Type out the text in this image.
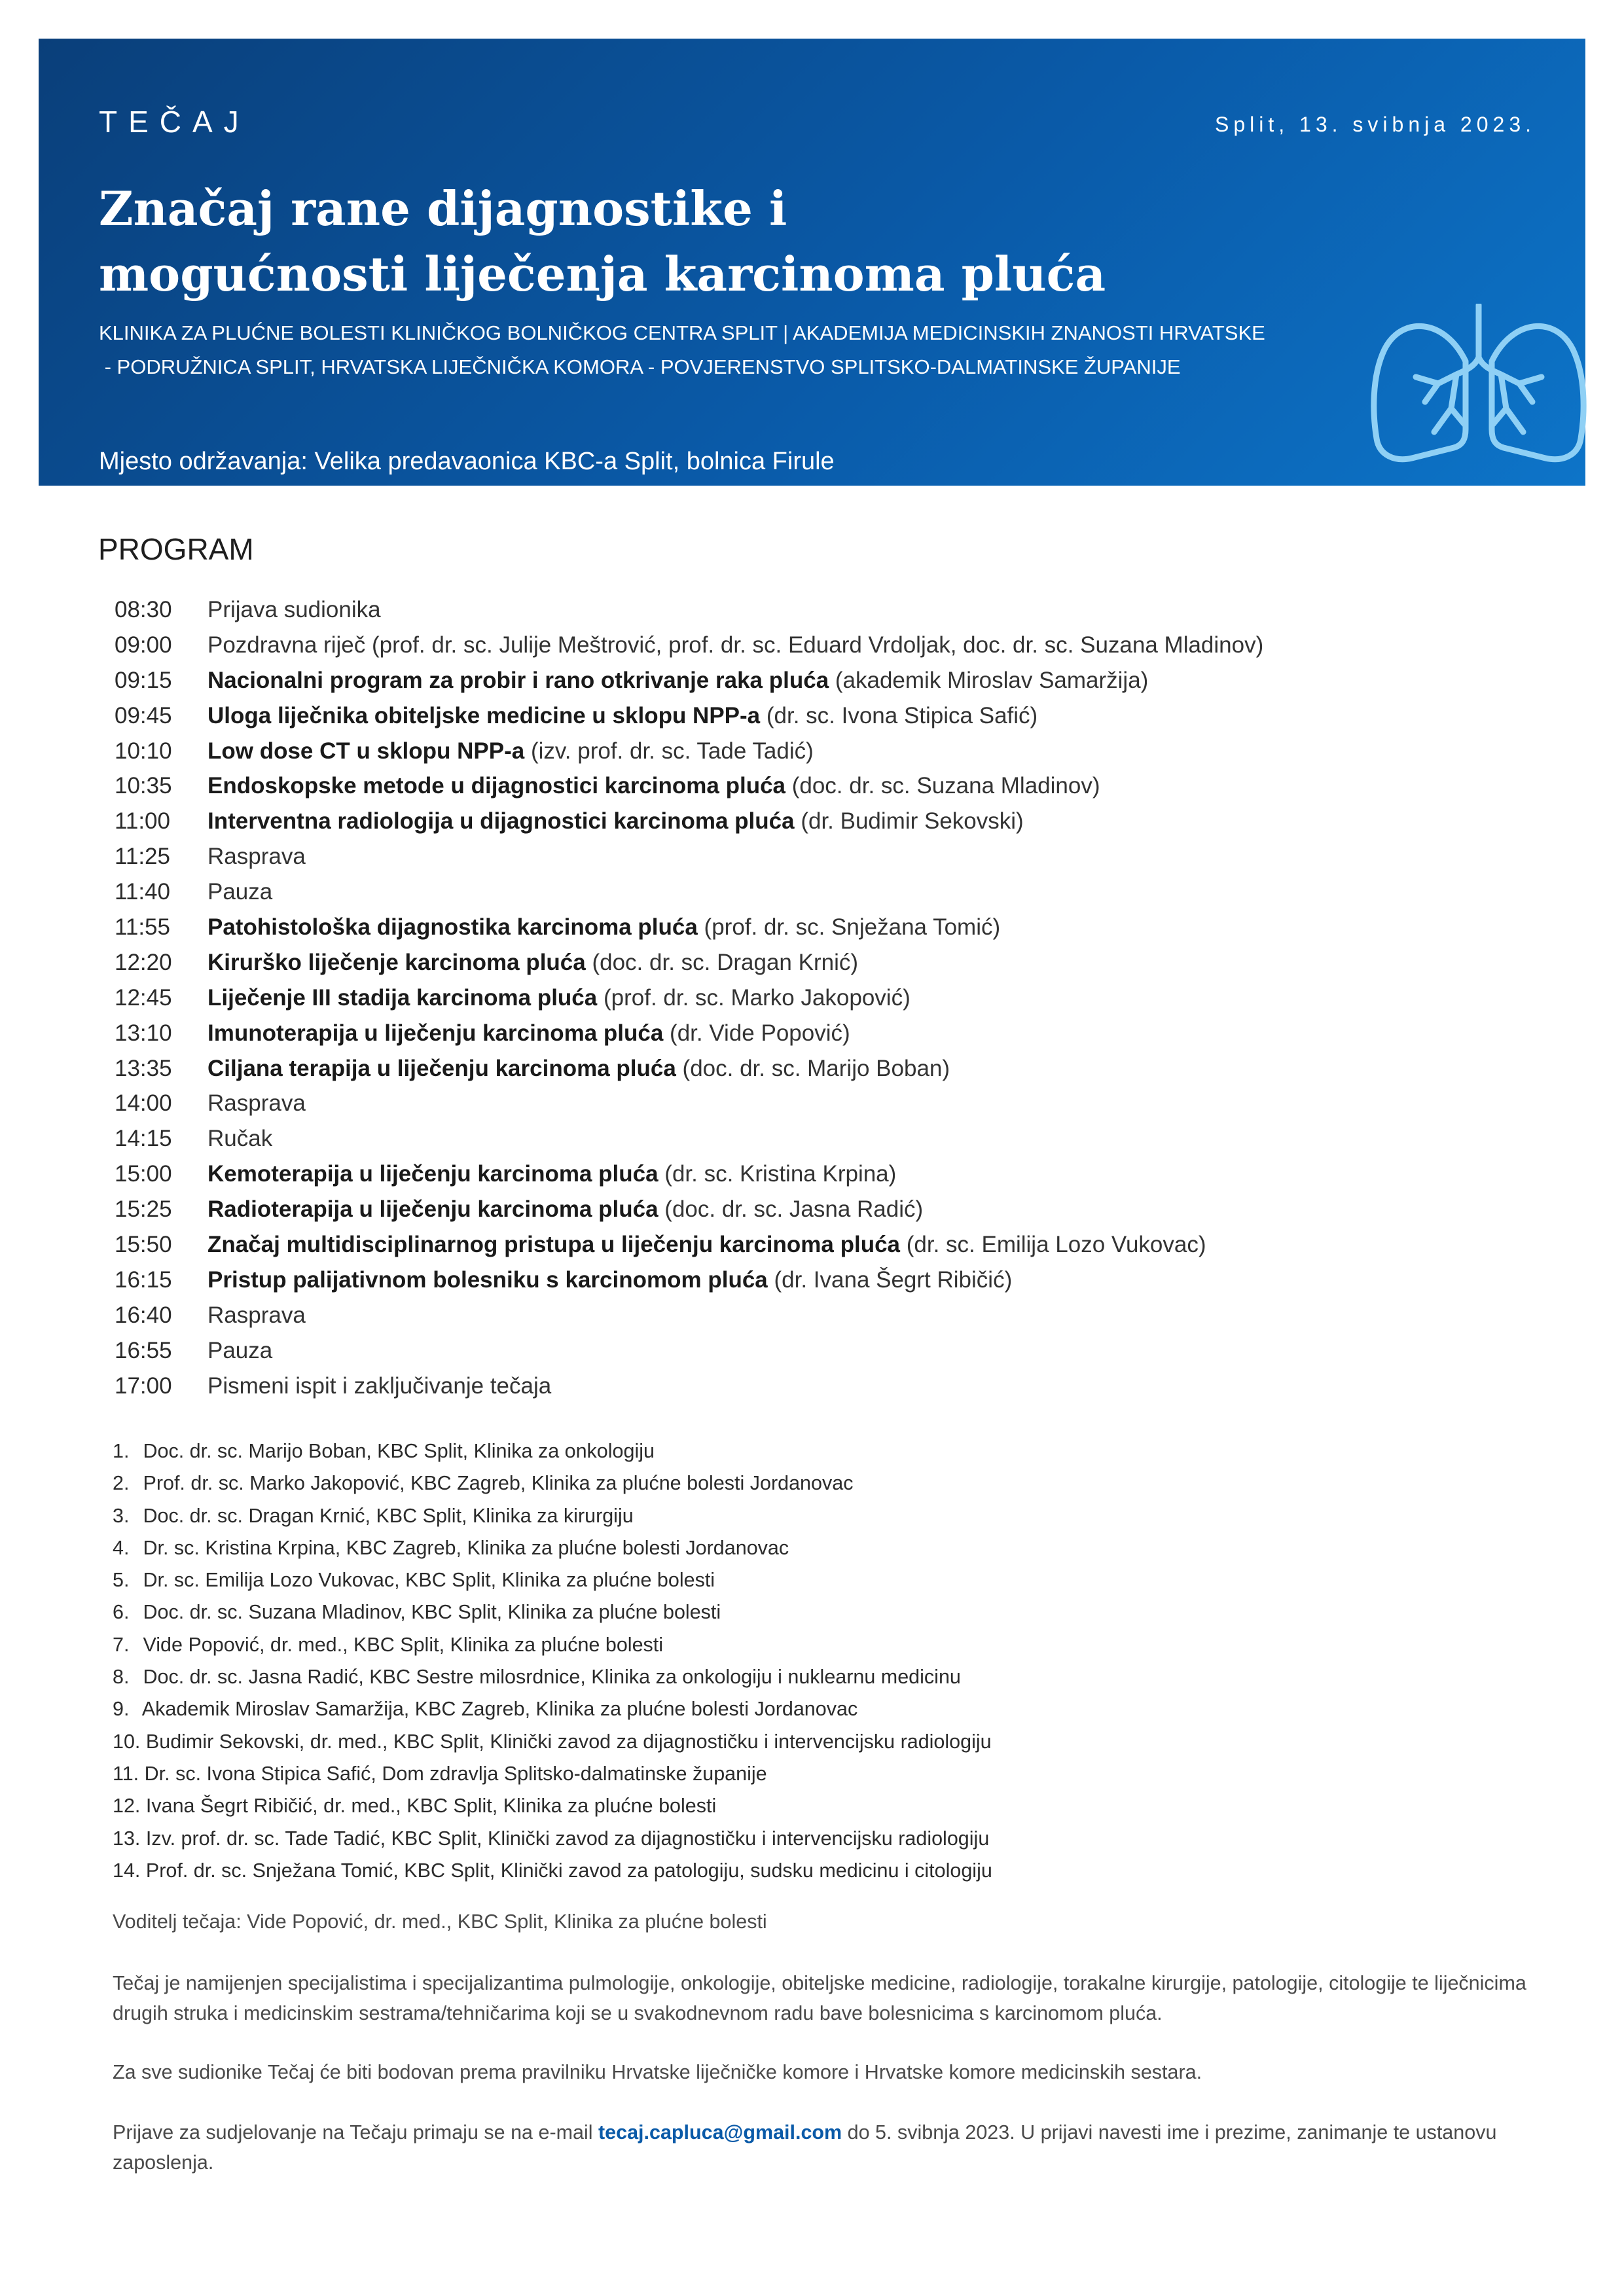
TEČAJ	Split, 13. svibnja 2023.
Značaj rane dijagnostike i
mogućnosti liječenja karcinoma pluća
KLINIKA ZA PLUĆNE BOLESTI KLINIČKOG BOLNIČKOG CENTRA SPLIT | AKADEMIJA MEDICINSKIH ZNANOSTI HRVATSKE
- PODRUŽNICA SPLIT, HRVATSKA LIJEČNIČKA KOMORA - POVJERENSTVO SPLITSKO-DALMATINSKE ŽUPANIJE
Mjesto održavanja: Velika predavaonica KBC-a Split, bolnica Firule
PROGRAM
08:30 Prijava sudionika
09:00 Pozdravna riječ (prof. dr. sc. Julije Meštrović, prof. dr. sc. Eduard Vrdoljak, doc. dr. sc. Suzana Mladinov)
09:15 Nacionalni program za probir i rano otkrivanje raka pluća (akademik Miroslav Samaržija)
09:45 Uloga liječnika obiteljske medicine u sklopu NPP-a (dr. sc. Ivona Stipica Safić)
10:10 Low dose CT u sklopu NPP-a (izv. prof. dr. sc. Tade Tadić)
10:35 Endoskopske metode u dijagnostici karcinoma pluća (doc. dr. sc. Suzana Mladinov)
11:00 Interventna radiologija u dijagnostici karcinoma pluća (dr. Budimir Sekovski)
11:25 Rasprava
11:40 Pauza
11:55 Patohistološka dijagnostika karcinoma pluća (prof. dr. sc. Snježana Tomić)
12:20 Kirurško liječenje karcinoma pluća (doc. dr. sc. Dragan Krnić)
12:45 Liječenje III stadija karcinoma pluća (prof. dr. sc. Marko Jakopović)
13:10 Imunoterapija u liječenju karcinoma pluća (dr. Vide Popović)
13:35 Ciljana terapija u liječenju karcinoma pluća (doc. dr. sc. Marijo Boban)
14:00 Rasprava
14:15 Ručak
15:00 Kemoterapija u liječenju karcinoma pluća (dr. sc. Kristina Krpina)
15:25 Radioterapija u liječenju karcinoma pluća (doc. dr. sc. Jasna Radić)
15:50 Značaj multidisciplinarnog pristupa u liječenju karcinoma pluća (dr. sc. Emilija Lozo Vukovac)
16:15 Pristup palijativnom bolesniku s karcinomom pluća (dr. Ivana Šegrt Ribičić)
16:40 Rasprava
16:55 Pauza
17:00 Pismeni ispit i zaključivanje tečaja
1. Doc. dr. sc. Marijo Boban, KBC Split, Klinika za onkologiju
2. Prof. dr. sc. Marko Jakopović, KBC Zagreb, Klinika za plućne bolesti Jordanovac
3. Doc. dr. sc. Dragan Krnić, KBC Split, Klinika za kirurgiju
4. Dr. sc. Kristina Krpina, KBC Zagreb, Klinika za plućne bolesti Jordanovac
5. Dr. sc. Emilija Lozo Vukovac, KBC Split, Klinika za plućne bolesti
6. Doc. dr. sc. Suzana Mladinov, KBC Split, Klinika za plućne bolesti
7. Vide Popović, dr. med., KBC Split, Klinika za plućne bolesti
8. Doc. dr. sc. Jasna Radić, KBC Sestre milosrdnice, Klinika za onkologiju i nuklearnu medicinu
9. Akademik Miroslav Samaržija, KBC Zagreb, Klinika za plućne bolesti Jordanovac
10. Budimir Sekovski, dr. med., KBC Split, Klinički zavod za dijagnostičku i intervencijsku radiologiju
11. Dr. sc. Ivona Stipica Safić, Dom zdravlja Splitsko-dalmatinske županije
12. Ivana Šegrt Ribičić, dr. med., KBC Split, Klinika za plućne bolesti
13. Izv. prof. dr. sc. Tade Tadić, KBC Split, Klinički zavod za dijagnostičku i intervencijsku radiologiju
14. Prof. dr. sc. Snježana Tomić, KBC Split, Klinički zavod za patologiju, sudsku medicinu i citologiju
Voditelj tečaja: Vide Popović, dr. med., KBC Split, Klinika za plućne bolesti
Tečaj je namijenjen specijalistima i specijalizantima pulmologije, onkologije, obiteljske medicine, radiologije, torakalne kirurgije, patologije, citologije te liječnicima drugih struka i medicinskim sestrama/tehničarima koji se u svakodnevnom radu bave bolesnicima s karcinomom pluća.
Za sve sudionike Tečaj će biti bodovan prema pravilniku Hrvatske liječničke komore i Hrvatske komore medicinskih sestara.
Prijave za sudjelovanje na Tečaju primaju se na e-mail tecaj.capluca@gmail.com do 5. svibnja 2023. U prijavi navesti ime i prezime, zanimanje te ustanovu zaposlenja.
